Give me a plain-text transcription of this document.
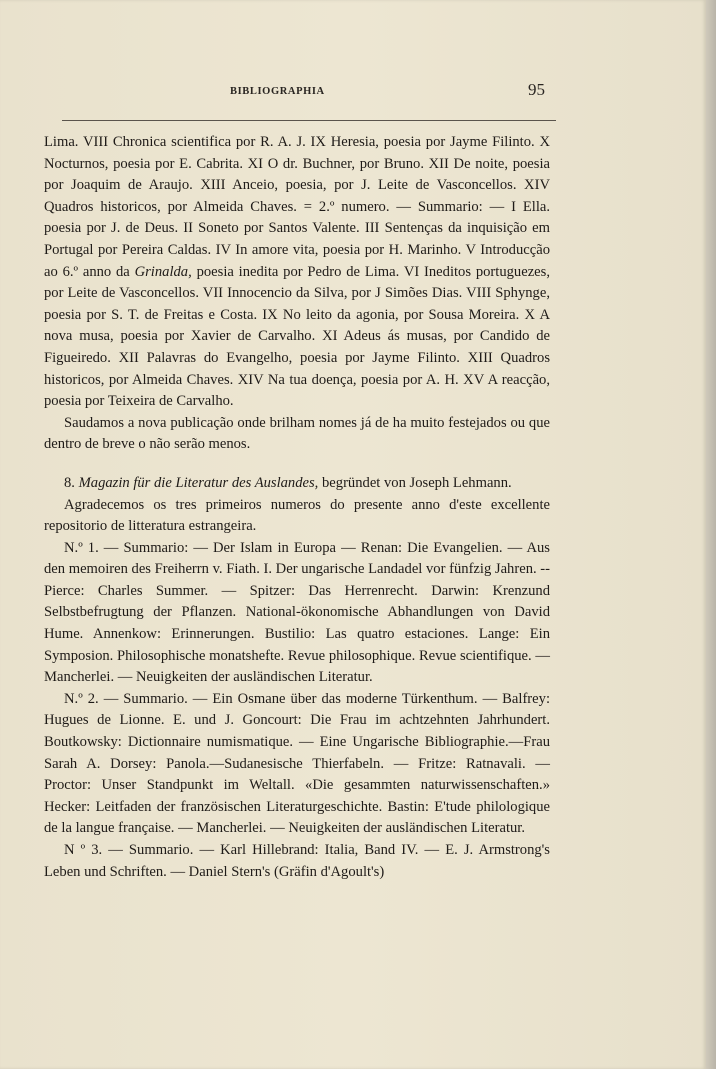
BIBLIOGRAPHIA	95

Lima. VIII Chronica scientifica por R. A. J. IX Heresia, poesia por Jayme Filinto. X Nocturnos, poesia por E. Cabrita. XI O dr. Buchner, por Bruno. XII De noite, poesia por Joaquim de Araujo. XIII Anceio, poesia, por J. Leite de Vasconcellos. XIV Quadros historicos, por Almeida Chaves. = 2.º numero. — Summario: — I Ella. poesia por J. de Deus. II Soneto por Santos Valente. III Sentenças da inquisição em Portugal por Pereira Caldas. IV In amore vita, poesia por H. Marinho. V Introducção ao 6.º anno da Grinalda, poesia inedita por Pedro de Lima. VI Ineditos portuguezes, por Leite de Vasconcellos. VII Innocencio da Silva, por J Simões Dias. VIII Sphynge, poesia por S. T. de Freitas e Costa. IX No leito da agonia, por Sousa Moreira. X A nova musa, poesia por Xavier de Carvalho. XI Adeus ás musas, por Candido de Figueiredo. XII Palavras do Evangelho, poesia por Jayme Filinto. XIII Quadros historicos, por Almeida Chaves. XIV Na tua doença, poesia por A. H. XV A reacção, poesia por Teixeira de Carvalho.

Saudamos a nova publicação onde brilham nomes já de ha muito festejados ou que dentro de breve o não serão menos.

8. Magazin für die Literatur des Auslandes, begründet von Joseph Lehmann.

Agradecemos os tres primeiros numeros do presente anno d'este excellente repositorio de litteratura estrangeira.

N.º 1. — Summario: — Der Islam in Europa — Renan: Die Evangelien. — Aus den memoiren des Freiherrn v. Fiath. I. Der ungarische Landadel vor fünfzig Jahren. -- Pierce: Charles Summer. — Spitzer: Das Herrenrecht. Darwin: Krenzund Selbstbefrugtung der Pflanzen. National-ökonomische Abhandlungen von David Hume. Annenkow: Erinnerungen. Bustilio: Las quatro estaciones. Lange: Ein Symposion. Philosophische monatshefte. Revue philosophique. Revue scientifique. — Mancherlei. — Neuigkeiten der ausländischen Literatur.

N.º 2. — Summario. — Ein Osmane über das moderne Türkenthum. — Balfrey: Hugues de Lionne. E. und J. Goncourt: Die Frau im achtzehnten Jahrhundert. Boutkowsky: Dictionnaire numismatique. — Eine Ungarische Bibliographie.—Frau Sarah A. Dorsey: Panola.—Sudanesische Thierfabeln. — Fritze: Ratnavali. — Proctor: Unser Standpunkt im Weltall. «Die gesammten naturwissenschaften.» Hecker: Leitfaden der französischen Literaturgeschichte. Bastin: E'tude philologique de la langue française. — Mancherlei. — Neuigkeiten der ausländischen Literatur.

N º 3. — Summario. — Karl Hillebrand: Italia, Band IV. — E. J. Armstrong's Leben und Schriften. — Daniel Stern's (Gräfin d'Agoult's)
